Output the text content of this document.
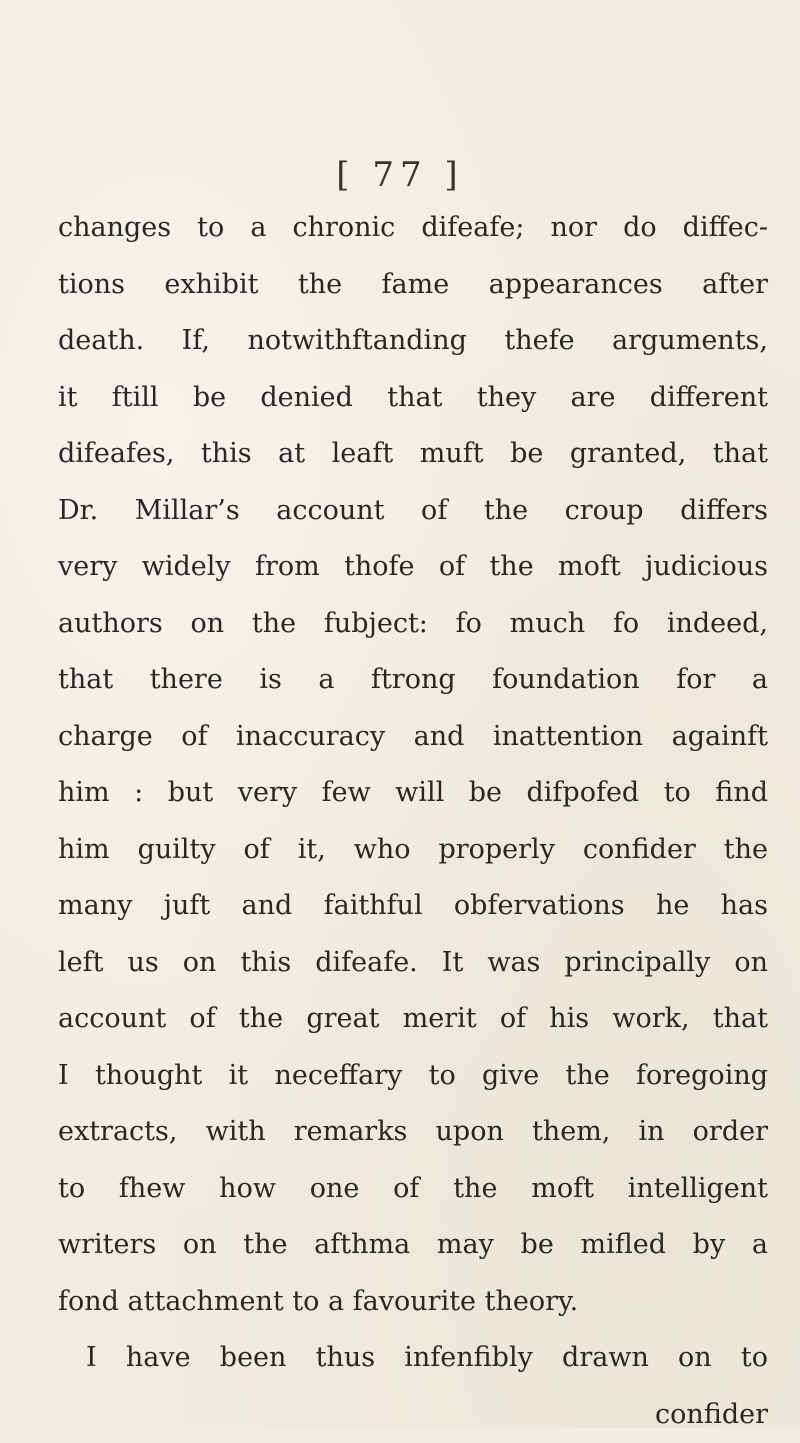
[ 77 ]
changes to a chronic difeafe; nor do diffec-
tions exhibit the fame appearances after
death. If, notwithftanding thefe arguments,
it ftill be denied that they are different
difeafes, this at leaft muft be granted, that
Dr. Millar’s account of the croup differs
very widely from thofe of the moft judicious
authors on the fubject: fo much fo indeed,
that there is a ftrong foundation for a
charge of inaccuracy and inattention againft
him : but very few will be difpofed to find
him guilty of it, who properly confider the
many juft and faithful obfervations he has
left us on this difeafe. It was principally on
account of the great merit of his work, that
I thought it neceffary to give the foregoing
extracts, with remarks upon them, in order
to fhew how one of the moft intelligent
writers on the afthma may be mifled by a
fond attachment to a favourite theory.
I have been thus infenfibly drawn on to
confider
